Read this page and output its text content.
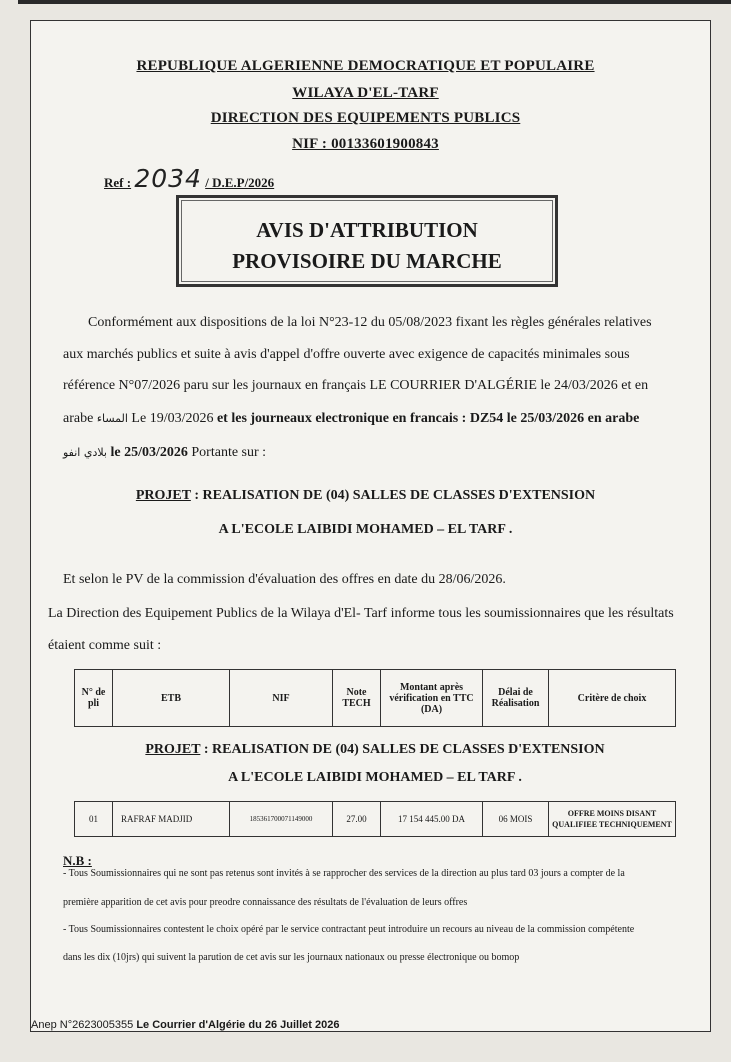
REPUBLIQUE ALGERIENNE DEMOCRATIQUE ET POPULAIRE
WILAYA D'EL-TARF
DIRECTION DES EQUIPEMENTS PUBLICS
NIF : 00133601900843
Ref : 2034 / D.E.P/2026
AVIS D'ATTRIBUTION
PROVISOIRE DU MARCHE
Conformément aux dispositions de la loi N°23-12 du 05/08/2023 fixant les règles générales relatives
aux marchés publics et suite à avis d'appel d'offre ouverte avec exigence de capacités minimales sous
référence N°07/2026 paru sur les journaux en français LE COURRIER D'ALGÉRIE le 24/03/2026 et en
arabe المساء Le 19/03/2026 et les journeaux electronique en francais : DZ54 le 25/03/2026 en arabe
بلادي انفو le 25/03/2026 Portante sur :
PROJET : REALISATION DE (04) SALLES DE CLASSES D'EXTENSION
A L'ECOLE LAIBIDI MOHAMED – EL TARF .
Et selon le PV de la commission d'évaluation des offres en date du 28/06/2026.
La Direction des Equipement Publics de la Wilaya d'El- Tarf informe tous les soumissionnaires que les résultats
étaient comme suit :
N° de pli	ETB	NIF	Note TECH	Montant après vérification en TTC (DA)	Délai de Réalisation	Critère de choix

PROJET : REALISATION DE (04) SALLES DE CLASSES D'EXTENSION
A L'ECOLE LAIBIDI MOHAMED – EL TARF .						

01	RAFRAF MADJID	185361700071149000	27.00	17 154 445.00 DA	06 MOIS	OFFRE MOINS DISANT QUALIFIEE TECHNIQUEMENT
N.B :
- Tous Soumissionnaires qui ne sont pas retenus sont invités à se rapprocher des services de la direction au plus tard 03 jours a compter de la
première apparition de cet avis pour preodre connaissance des résultats de l'évaluation de leurs offres
- Tous Soumissionnaires contestent le choix opéré par le service contractant peut introduire un recours au niveau de la commission compétente
dans les dix (10jrs) qui suivent la parution de cet avis sur les journaux nationaux ou presse électronique ou bomop
Anep N°2623005355 Le Courrier d'Algérie du 26 Juillet 2026
